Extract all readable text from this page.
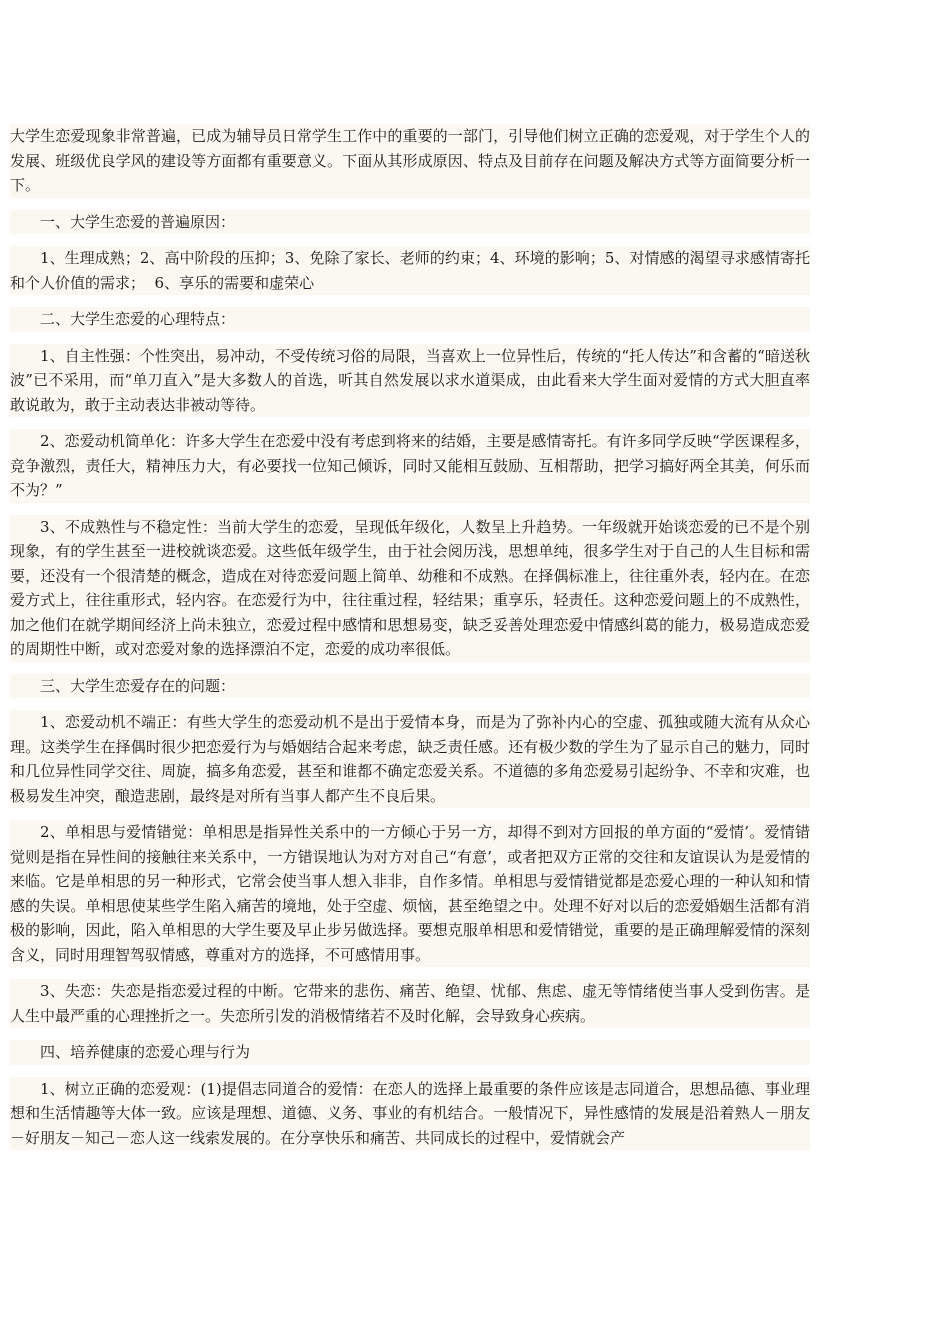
大学生恋爱现象非常普遍，已成为辅导员日常学生工作中的重要的一部门，引导他们树立正确的恋爱观，对于学生个人的发展、班级优良学风的建设等方面都有重要意义。下面从其形成原因、特点及目前存在问题及解决方式等方面简要分析一下。

一、大学生恋爱的普遍原因：

1、生理成熟；2、高中阶段的压抑；3、免除了家长、老师的约束；4、环境的影响；5、对情感的渴望寻求感情寄托和个人价值的需求；  6、享乐的需要和虚荣心

二、大学生恋爱的心理特点：

1、自主性强：个性突出，易冲动，不受传统习俗的局限，当喜欢上一位异性后，传统的“托人传达”和含蓄的“暗送秋波”已不采用，而“单刀直入”是大多数人的首选，听其自然发展以求水道渠成，由此看来大学生面对爱情的方式大胆直率敢说敢为，敢于主动表达非被动等待。

2、恋爱动机简单化：许多大学生在恋爱中没有考虑到将来的结婚，主要是感情寄托。有许多同学反映“学医课程多，竞争激烈，责任大，精神压力大，有必要找一位知己倾诉，同时又能相互鼓励、互相帮助，把学习搞好两全其美，何乐而不为？”

3、不成熟性与不稳定性：当前大学生的恋爱，呈现低年级化，人数呈上升趋势。一年级就开始谈恋爱的已不是个别现象，有的学生甚至一进校就谈恋爱。这些低年级学生，由于社会阅历浅，思想单纯，很多学生对于自己的人生目标和需要，还没有一个很清楚的概念，造成在对待恋爱问题上简单、幼稚和不成熟。在择偶标准上，往往重外表，轻内在。在恋爱方式上，往往重形式，轻内容。在恋爱行为中，往往重过程，轻结果；重享乐，轻责任。这种恋爱问题上的不成熟性，加之他们在就学期间经济上尚未独立，恋爱过程中感情和思想易变，缺乏妥善处理恋爱中情感纠葛的能力，极易造成恋爱的周期性中断，或对恋爱对象的选择漂泊不定，恋爱的成功率很低。

三、大学生恋爱存在的问题：

1、恋爱动机不端正：有些大学生的恋爱动机不是出于爱情本身，而是为了弥补内心的空虚、孤独或随大流有从众心理。这类学生在择偶时很少把恋爱行为与婚姻结合起来考虑，缺乏责任感。还有极少数的学生为了显示自己的魅力，同时和几位异性同学交往、周旋，搞多角恋爱，甚至和谁都不确定恋爱关系。不道德的多角恋爱易引起纷争、不幸和灾难，也极易发生冲突，酿造悲剧，最终是对所有当事人都产生不良后果。

2、单相思与爱情错觉：单相思是指异性关系中的一方倾心于另一方，却得不到对方回报的单方面的“爱情’。爱情错觉则是指在异性间的接触往来关系中，一方错误地认为对方对自己“有意’，或者把双方正常的交往和友谊误认为是爱情的来临。它是单相思的另一种形式，它常会使当事人想入非非，自作多情。单相思与爱情错觉都是恋爱心理的一种认知和情感的失误。单相思使某些学生陷入痛苦的境地，处于空虚、烦恼，甚至绝望之中。处理不好对以后的恋爱婚姻生活都有消极的影响，因此，陷入单相思的大学生要及早止步另做选择。要想克服单相思和爱情错觉，重要的是正确理解爱情的深刻含义，同时用理智驾驭情感，尊重对方的选择，不可感情用事。

3、失恋：失恋是指恋爱过程的中断。它带来的悲伤、痛苦、绝望、忧郁、焦虑、虚无等情绪使当事人受到伤害。是人生中最严重的心理挫折之一。失恋所引发的消极情绪若不及时化解，会导致身心疾病。

四、培养健康的恋爱心理与行为

1、树立正确的恋爱观：(1)提倡志同道合的爱情：在恋人的选择上最重要的条件应该是志同道合，思想品德、事业理想和生活情趣等大体一致。应该是理想、道德、义务、事业的有机结合。一般情况下，异性感情的发展是沿着熟人－朋友－好朋友－知己－恋人这一线索发展的。在分享快乐和痛苦、共同成长的过程中，爱情就会产
